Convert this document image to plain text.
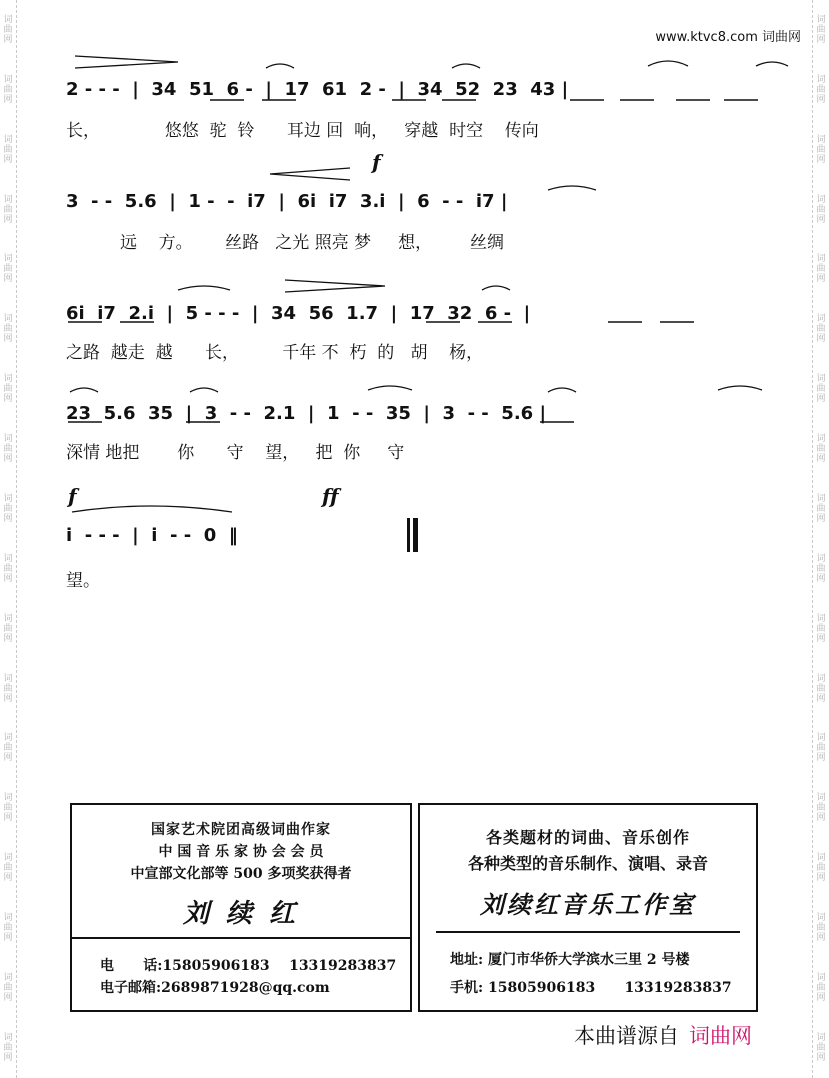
词
曲
网
词
曲
网
词
曲
网
词
曲
网
词
曲
网
词
曲
网
词
曲
网
词
曲
网
词
曲
网
词
曲
网
词
曲
网
词
曲
网
词
曲
网
词
曲
网
词
曲
网
词
曲
网
词
曲
网
词
曲
网
词
曲
网
词
曲
网
词
曲
网
词
曲
网
词
曲
网
词
曲
网
词
曲
网
词
曲
网
词
曲
网
词
曲
网
词
曲
网
词
曲
网
词
曲
网
词
曲
网
词
曲
网
词
曲
网
词
曲
网
词
曲
网
www.ktvc8.com 词曲网
2 - - -  |  34  51  6 -  |  17  61  2 -  |  34  52  23  43 |
长，            悠悠  驼  铃      耳边 回  响，   穿越  时空    传向
3  - -  5.6  |  1 -  -  i7  |  6i  i7  3.i  |  6  - -  i7 |
远    方。      丝路   之光 照亮 梦     想，       丝绸
6i  i7  2.i  |  5 - - -  |  34  56  1.7  |  17  32  6 -  |
之路  越走  越      长，        千年 不  朽  的   胡    杨，
23  5.6  35  |  3  - -  2.1  |  1  - -  35  |  3  - -  5.6 |
深情 地把       你      守    望，   把  你     守
i  - - -  |  i  - -  0  ‖
望。
f
f	ff
国家艺术院团高级词曲作家
中 国 音 乐 家 协 会 会 员
中宣部文化部等 500 多项奖获得者
刘 续 红
电      话:15805906183    13319283837
电子邮箱:2689871928@qq.com
各类题材的词曲、音乐创作
各种类型的音乐制作、演唱、录音
刘续红音乐工作室
地址: 厦门市华侨大学滨水三里 2 号楼
手机: 15805906183      13319283837
本曲谱源自 词曲网
